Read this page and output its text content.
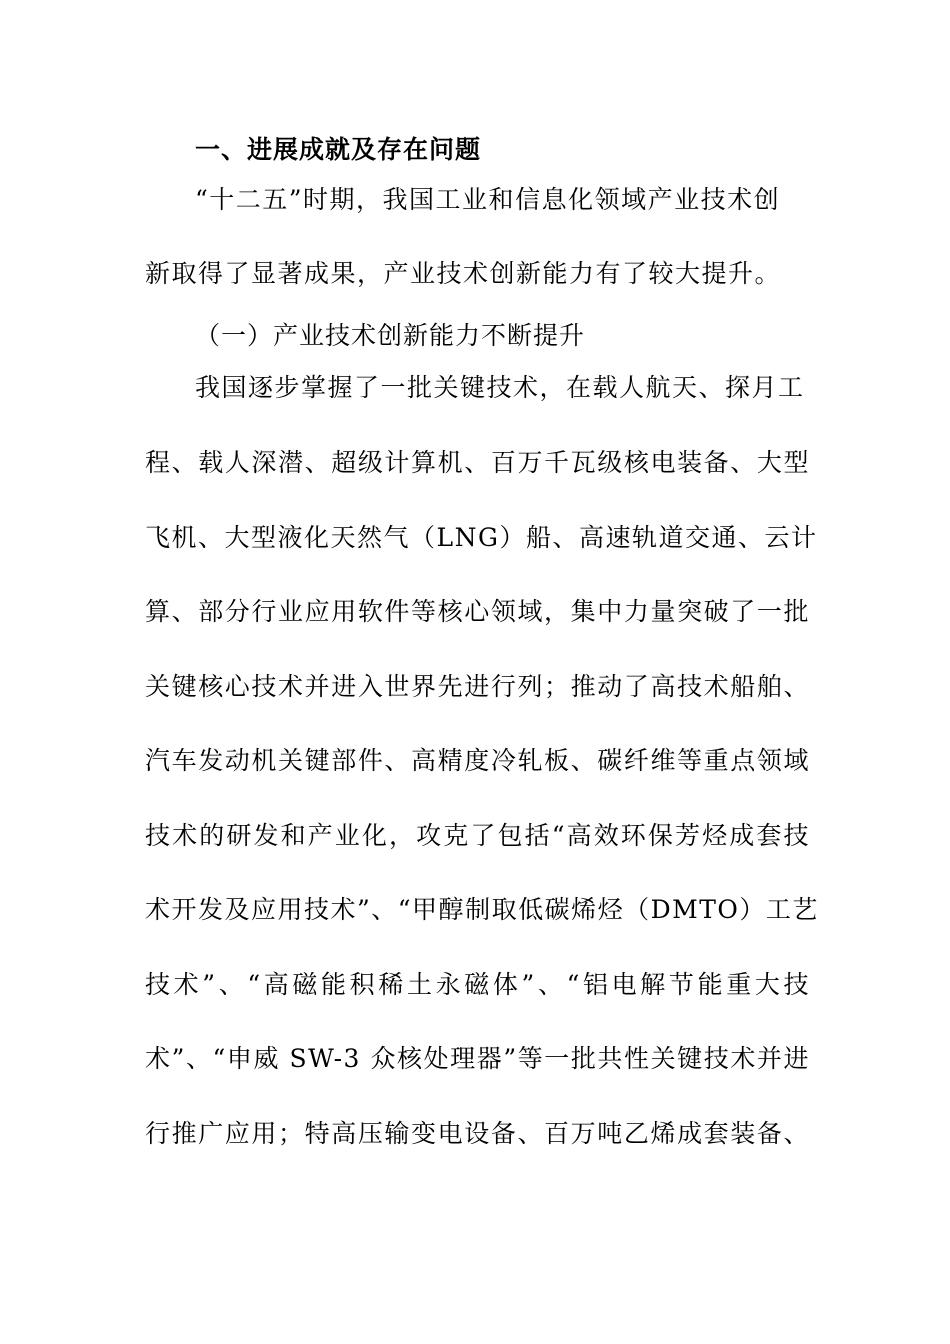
一、进展成就及存在问题
“十二五”时期，我国工业和信息化领域产业技术创
新取得了显著成果，产业技术创新能力有了较大提升。
（一）产业技术创新能力不断提升
我国逐步掌握了一批关键技术，在载人航天、探月工
程、载人深潜、超级计算机、百万千瓦级核电装备、大型
飞机、大型液化天然气（LNG）船、高速轨道交通、云计
算、部分行业应用软件等核心领域，集中力量突破了一批
关键核心技术并进入世界先进行列；推动了高技术船舶、
汽车发动机关键部件、高精度冷轧板、碳纤维等重点领域
技术的研发和产业化，攻克了包括“高效环保芳烃成套技
术开发及应用技术”、“甲醇制取低碳烯烃（DMTO）工艺
技术”、“高磁能积稀土永磁体”、“铝电解节能重大技
术”、“申威 SW-3 众核处理器”等一批共性关键技术并进
行推广应用；特高压输变电设备、百万吨乙烯成套装备、
